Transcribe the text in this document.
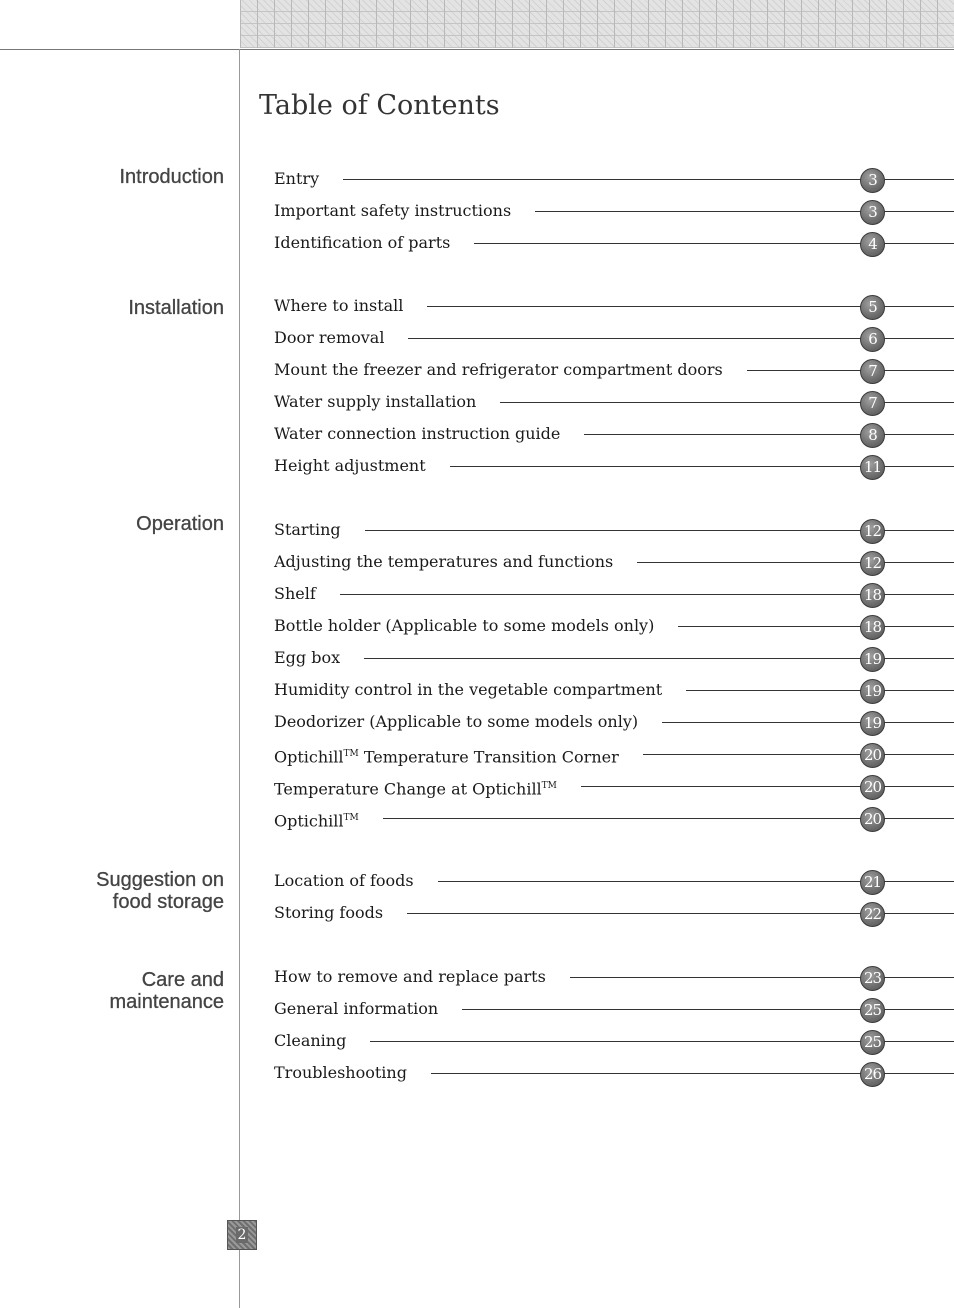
Table of Contents
Introduction	Entry	3
Important safety instructions	3
Identification of parts	4
Installation	Where to install	5
Door removal	6
Mount the freezer and refrigerator compartment doors	7
Water supply installation	7
Water connection instruction guide	8
Height adjustment	11
Operation	Starting	12
Adjusting the temperatures and functions	12
Shelf	18
Bottle holder (Applicable to some models only)	18
Egg box	19
Humidity control in the vegetable compartment	19
Deodorizer (Applicable to some models only)	19
Optichill™ Temperature Transition Corner	20
Temperature Change at Optichill™	20
Optichill™	20
Suggestion on
food storage
Location of foods	21
Storing foods	22
Care and
maintenance
How to remove and replace parts	23
General information	25
Cleaning	25
Troubleshooting	26
2
